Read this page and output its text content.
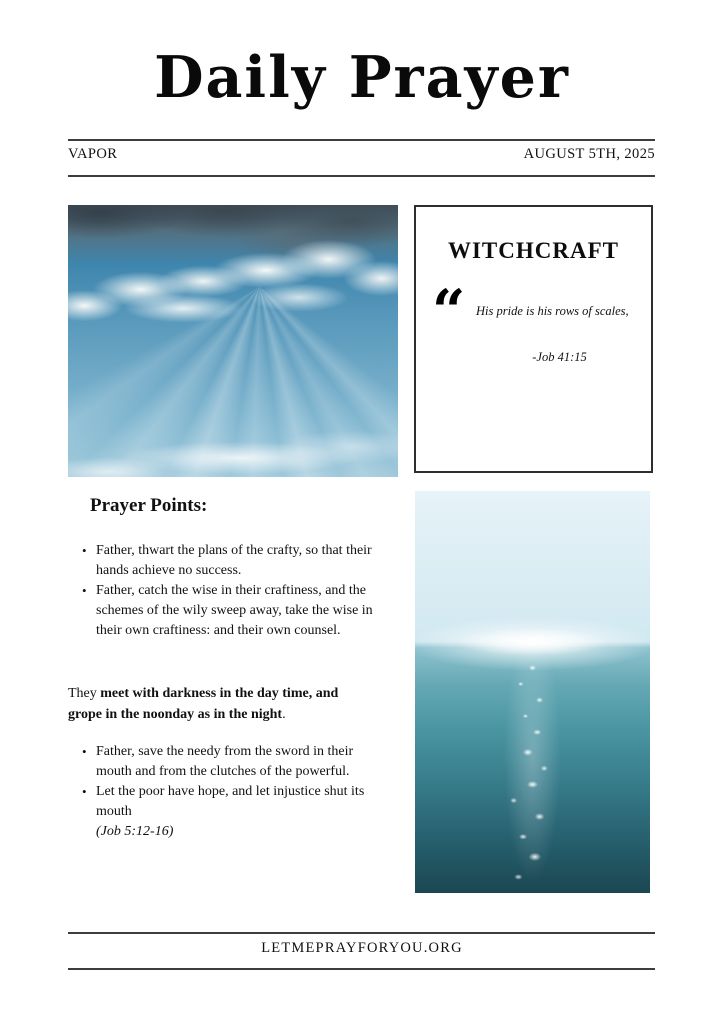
Daily Prayer
VAPOR	AUGUST 5TH, 2025
WITCHCRAFT
“	His pride is his rows of scales,
-Job 41:15
Prayer Points:
• Father, thwart the plans of the crafty, so that their hands achieve no success.
• Father, catch the wise in their craftiness, and the schemes of the wily sweep away, take the wise in their own craftiness: and their own counsel.

They meet with darkness in the day time, and grope in the noonday as in the night.

• Father, save the needy from the sword in their mouth and from the clutches of the powerful.
• Let the poor have hope, and let injustice shut its mouth
(Job 5:12-16)
LETMEPRAYFORYOU.ORG
